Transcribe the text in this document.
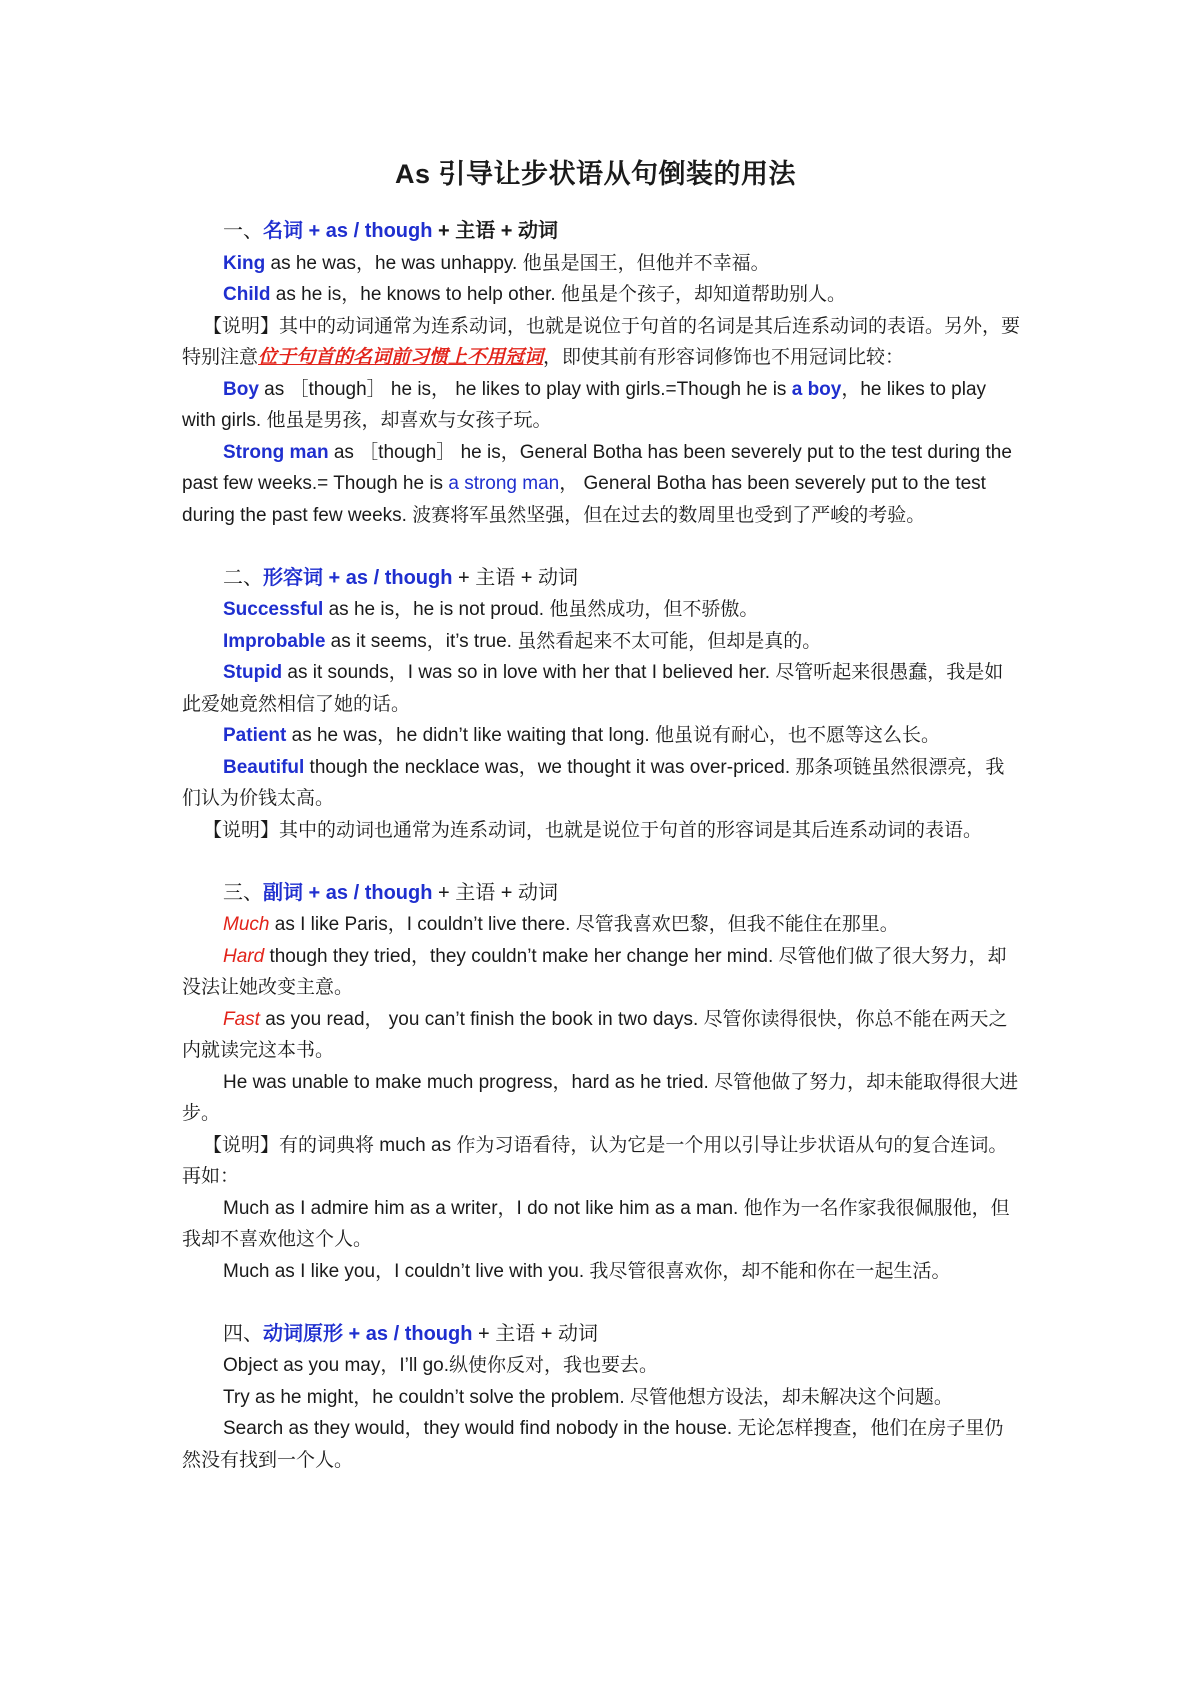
As 引导让步状语从句倒装的用法
一、名词 + as / though + 主语 + 动词
King as he was，he was unhappy. 他虽是国王，但他并不幸福。
Child as he is，he knows to help other. 他虽是个孩子，却知道帮助别人。
【说明】其中的动词通常为连系动词，也就是说位于句首的名词是其后连系动词的表语。另外，要特别注意位于句首的名词前习惯上不用冠词，即使其前有形容词修饰也不用冠词比较：
Boy as ［though］ he is， he likes to play with girls.=Though he is a boy，he likes to play with girls. 他虽是男孩，却喜欢与女孩子玩。
Strong man as ［though］ he is，General Botha has been severely put to the test during the past few weeks.= Though he is a strong man， General Botha has been severely put to the test during the past few weeks. 波赛将军虽然坚强，但在过去的数周里也受到了严峻的考验。
二、形容词 + as / though + 主语 + 动词
Successful as he is，he is not proud. 他虽然成功，但不骄傲。
Improbable as it seems，it’s true. 虽然看起来不太可能，但却是真的。
Stupid as it sounds，I was so in love with her that I believed her. 尽管听起来很愚蠢，我是如此爱她竟然相信了她的话。
Patient as he was，he didn’t like waiting that long. 他虽说有耐心，也不愿等这么长。
Beautiful though the necklace was，we thought it was over-priced. 那条项链虽然很漂亮，我们认为价钱太高。
【说明】其中的动词也通常为连系动词，也就是说位于句首的形容词是其后连系动词的表语。
三、副词 + as / though + 主语 + 动词
Much as I like Paris，I couldn’t live there. 尽管我喜欢巴黎，但我不能住在那里。
Hard though they tried，they couldn’t make her change her mind. 尽管他们做了很大努力，却没法让她改变主意。
Fast as you read， you can’t finish the book in two days. 尽管你读得很快，你总不能在两天之内就读完这本书。
He was unable to make much progress，hard as he tried. 尽管他做了努力，却未能取得很大进步。
【说明】有的词典将 much as 作为习语看待，认为它是一个用以引导让步状语从句的复合连词。再如：
Much as I admire him as a writer，I do not like him as a man. 他作为一名作家我很佩服他，但我却不喜欢他这个人。
Much as I like you，I couldn’t live with you. 我尽管很喜欢你，却不能和你在一起生活。
四、动词原形 + as / though + 主语 + 动词
Object as you may，I’ll go.纵使你反对，我也要去。
Try as he might，he couldn’t solve the problem. 尽管他想方设法，却未解决这个问题。
Search as they would，they would find nobody in the house. 无论怎样搜查，他们在房子里仍然没有找到一个人。
